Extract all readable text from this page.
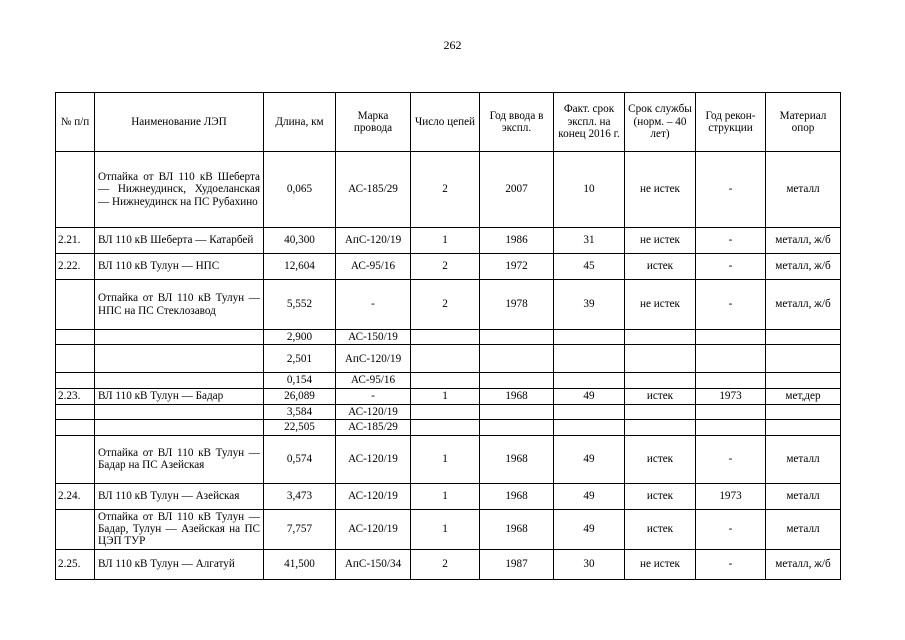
262
№ п/п	Наименование ЛЭП	Длина, км	Марка провода	Число цепей	Год ввода в экспл.	Факт. срок экспл. на конец 2016 г.	Срок службы (норм. – 40 лет)	Год рекон-струкции	Материал опор
	Отпайка от ВЛ 110 кВ Шеберта — Нижнеудинск, Худоеланская — Нижнеудинск на ПС Рубахино	0,065	АС-185/29	2	2007	10	не истек	-	металл
2.21.	ВЛ 110 кВ Шеберта — Катарбей	40,300	АпС-120/19	1	1986	31	не истек	-	металл, ж/б
2.22.	ВЛ 110 кВ Тулун — НПС	12,604	АС-95/16	2	1972	45	истек	-	металл, ж/б
	Отпайка от ВЛ 110 кВ Тулун — НПС на ПС Стеклозавод	5,552	-	2	1978	39	не истек	-	металл, ж/б
		2,900	АС-150/19						
		2,501	АпС-120/19						
		0,154	АС-95/16						
2.23.	ВЛ 110 кВ Тулун — Бадар	26,089	-	1	1968	49	истек	1973	мет,дер
		3,584	АС-120/19						
		22,505	АС-185/29						
	Отпайка от ВЛ 110 кВ Тулун — Бадар на ПС Азейская	0,574	АС-120/19	1	1968	49	истек	-	металл
2.24.	ВЛ 110 кВ Тулун — Азейская	3,473	АС-120/19	1	1968	49	истек	1973	металл
	Отпайка от ВЛ 110 кВ Тулун — Бадар, Тулун — Азейская на ПС ЦЭП ТУР	7,757	АС-120/19	1	1968	49	истек	-	металл
2.25.	ВЛ 110 кВ Тулун — Алгатуй	41,500	АпС-150/34	2	1987	30	не истек	-	металл, ж/б
